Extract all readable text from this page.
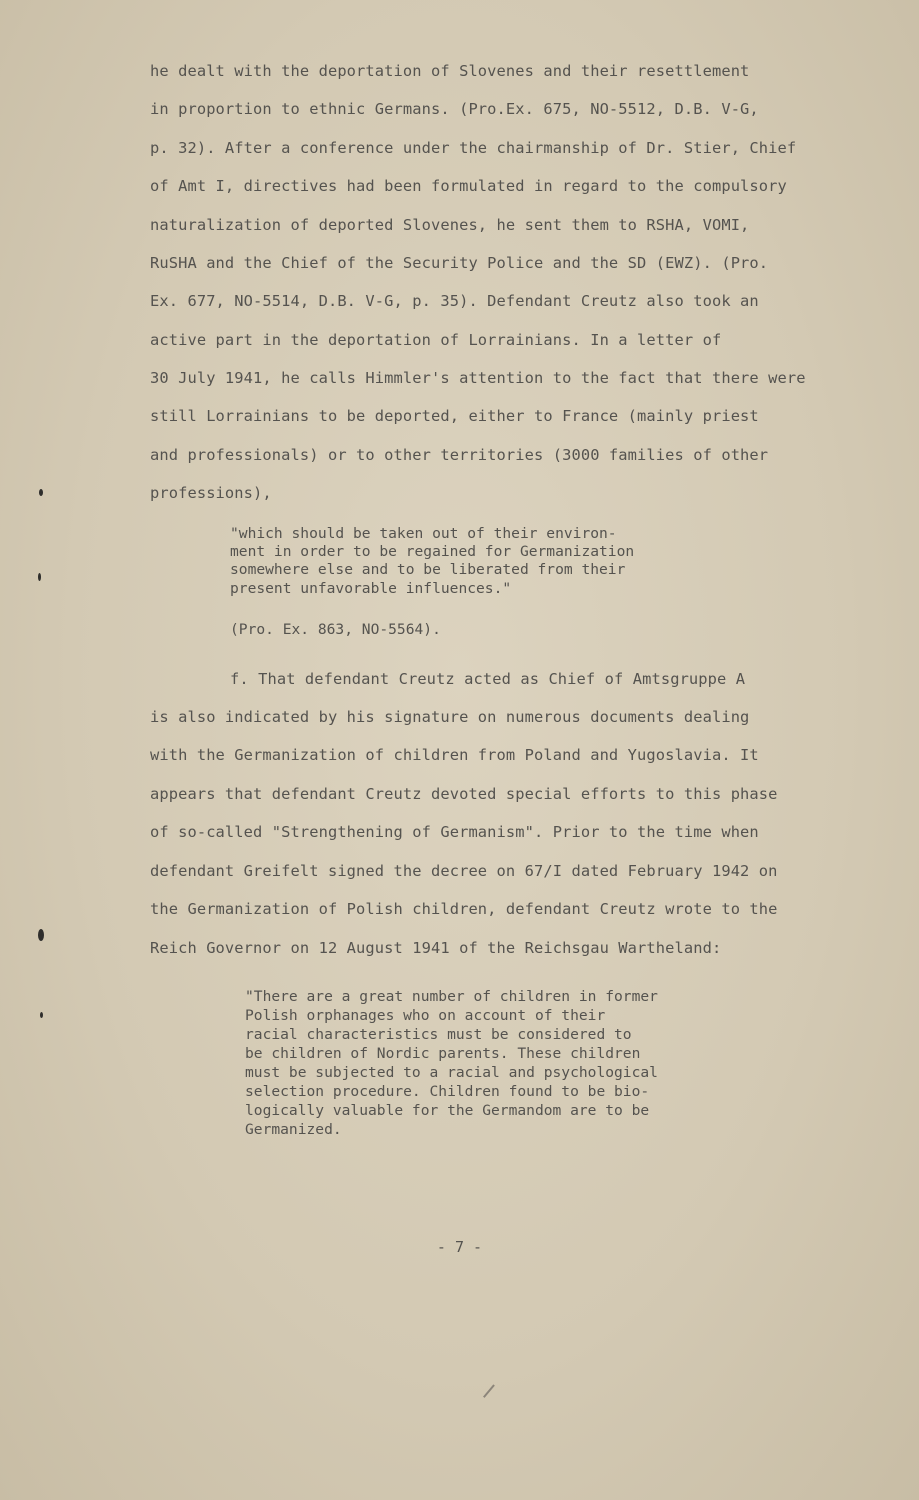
he dealt with the deportation of Slovenes and their resettlement
in proportion to ethnic Germans. (Pro.Ex. 675, NO-5512, D.B. V-G,
p. 32). After a conference under the chairmanship of Dr. Stier, Chief
of Amt I, directives had been formulated in regard to the compulsory
naturalization of deported Slovenes, he sent them to RSHA, VOMI,
RuSHA and the Chief of the Security Police and the SD (EWZ). (Pro.
Ex. 677, NO-5514, D.B. V-G, p. 35). Defendant Creutz also took an
active part in the deportation of Lorrainians. In a letter of
30 July 1941, he calls Himmler's attention to the fact that there were
still Lorrainians to be deported, either to France (mainly priest
and professionals) or to other territories (3000 families of other
professions),
"which should be taken out of their environ-
ment in order to be regained for Germanization
somewhere else and to be liberated from their
present unfavorable influences."
(Pro. Ex. 863, NO-5564).
f. That defendant Creutz acted as Chief of Amtsgruppe A
is also indicated by his signature on numerous documents dealing
with the Germanization of children from Poland and Yugoslavia. It
appears that defendant Creutz devoted special efforts to this phase
of so-called "Strengthening of Germanism". Prior to the time when
defendant Greifelt signed the decree on 67/I dated February 1942 on
the Germanization of Polish children, defendant Creutz wrote to the
Reich Governor on 12 August 1941 of the Reichsgau Wartheland:
"There are a great number of children in former
Polish orphanages who on account of their
racial characteristics must be considered to
be children of Nordic parents. These children
must be subjected to a racial and psychological
selection procedure. Children found to be bio-
logically valuable for the Germandom are to be
Germanized.
- 7 -
